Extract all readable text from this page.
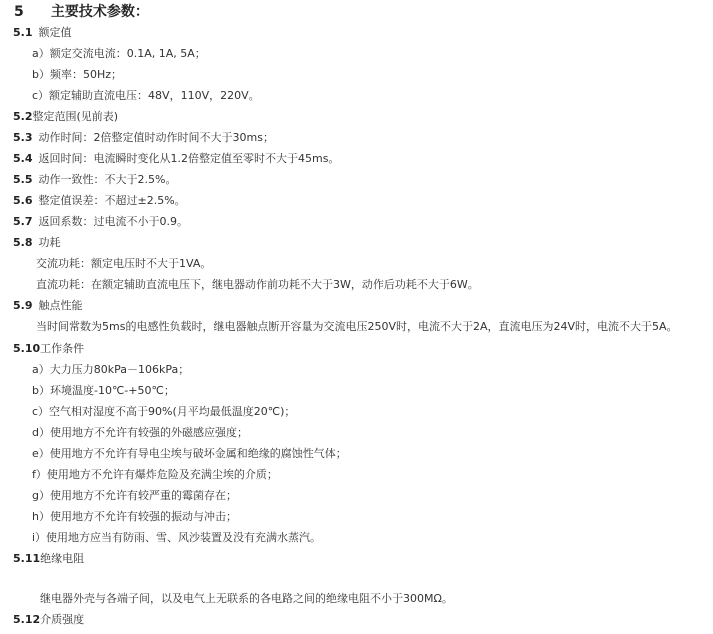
5 主要技术参数：
5.1 额定值
a）额定交流电流：0.1A, 1A, 5A；
b）频率：50Hz；
c）额定辅助直流电压：48V，110V，220V。
5.2整定范围(见前表)
5.3 动作时间：2倍整定值时动作时间不大于30ms；
5.4 返回时间：电流瞬时变化从1.2倍整定值至零时不大于45ms。
5.5 动作一致性：不大于2.5%。
5.6 整定值误差：不超过±2.5%。
5.7 返回系数：过电流不小于0.9。
5.8 功耗
交流功耗：额定电压时不大于1VA。
直流功耗：在额定辅助直流电压下，继电器动作前功耗不大于3W，动作后功耗不大于6W。
5.9 触点性能
当时间常数为5ms的电感性负载时，继电器触点断开容量为交流电压250V时，电流不大于2A，直流电压为24V时，电流不大于5A。
5.10工作条件
a）大力压力80kPa－106kPa；
b）环境温度-10℃-+50℃；
c）空气相对湿度不高于90%(月平均最低温度20℃)；
d）使用地方不允许有较强的外磁感应强度；
e）使用地方不允许有导电尘埃与破坏金属和绝缘的腐蚀性气体；
f）使用地方不允许有爆炸危险及充满尘埃的介质；
g）使用地方不允许有较严重的霉菌存在；
h）使用地方不允许有较强的振动与冲击；
i）使用地方应当有防雨、雪、风沙装置及没有充满水蒸汽。
5.11绝缘电阻
继电器外壳与各端子间，以及电气上无联系的各电路之间的绝缘电阻不小于300MΩ。
5.12介质强度
